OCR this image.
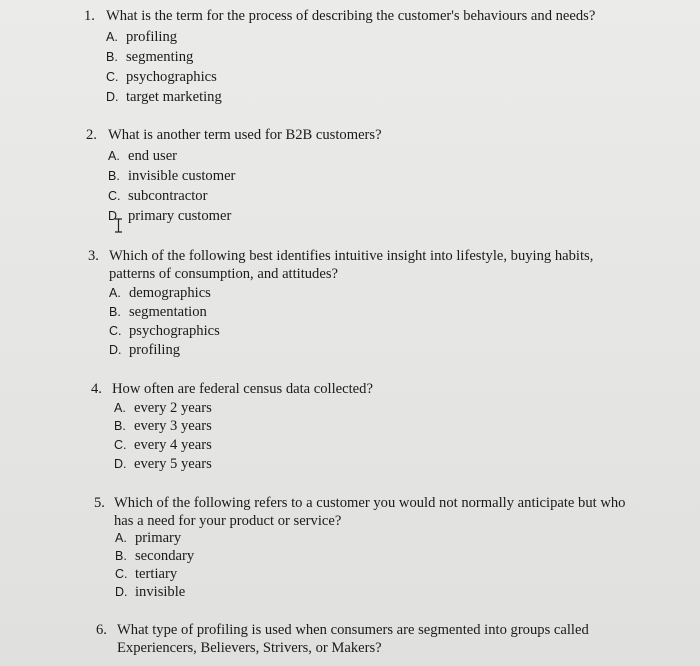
1. What is the term for the process of describing the customer's behaviours and needs?
A. profiling
B. segmenting
C. psychographics
D. target marketing
2. What is another term used for B2B customers?
A. end user
B. invisible customer
C. subcontractor
D. primary customer
3. Which of the following best identifies intuitive insight into lifestyle, buying habits,
patterns of consumption, and attitudes?
A. demographics
B. segmentation
C. psychographics
D. profiling
4. How often are federal census data collected?
A. every 2 years
B. every 3 years
C. every 4 years
D. every 5 years
5. Which of the following refers to a customer you would not normally anticipate but who
has a need for your product or service?
A. primary
B. secondary
C. tertiary
D. invisible
6. What type of profiling is used when consumers are segmented into groups called
Experiencers, Believers, Strivers, or Makers?
